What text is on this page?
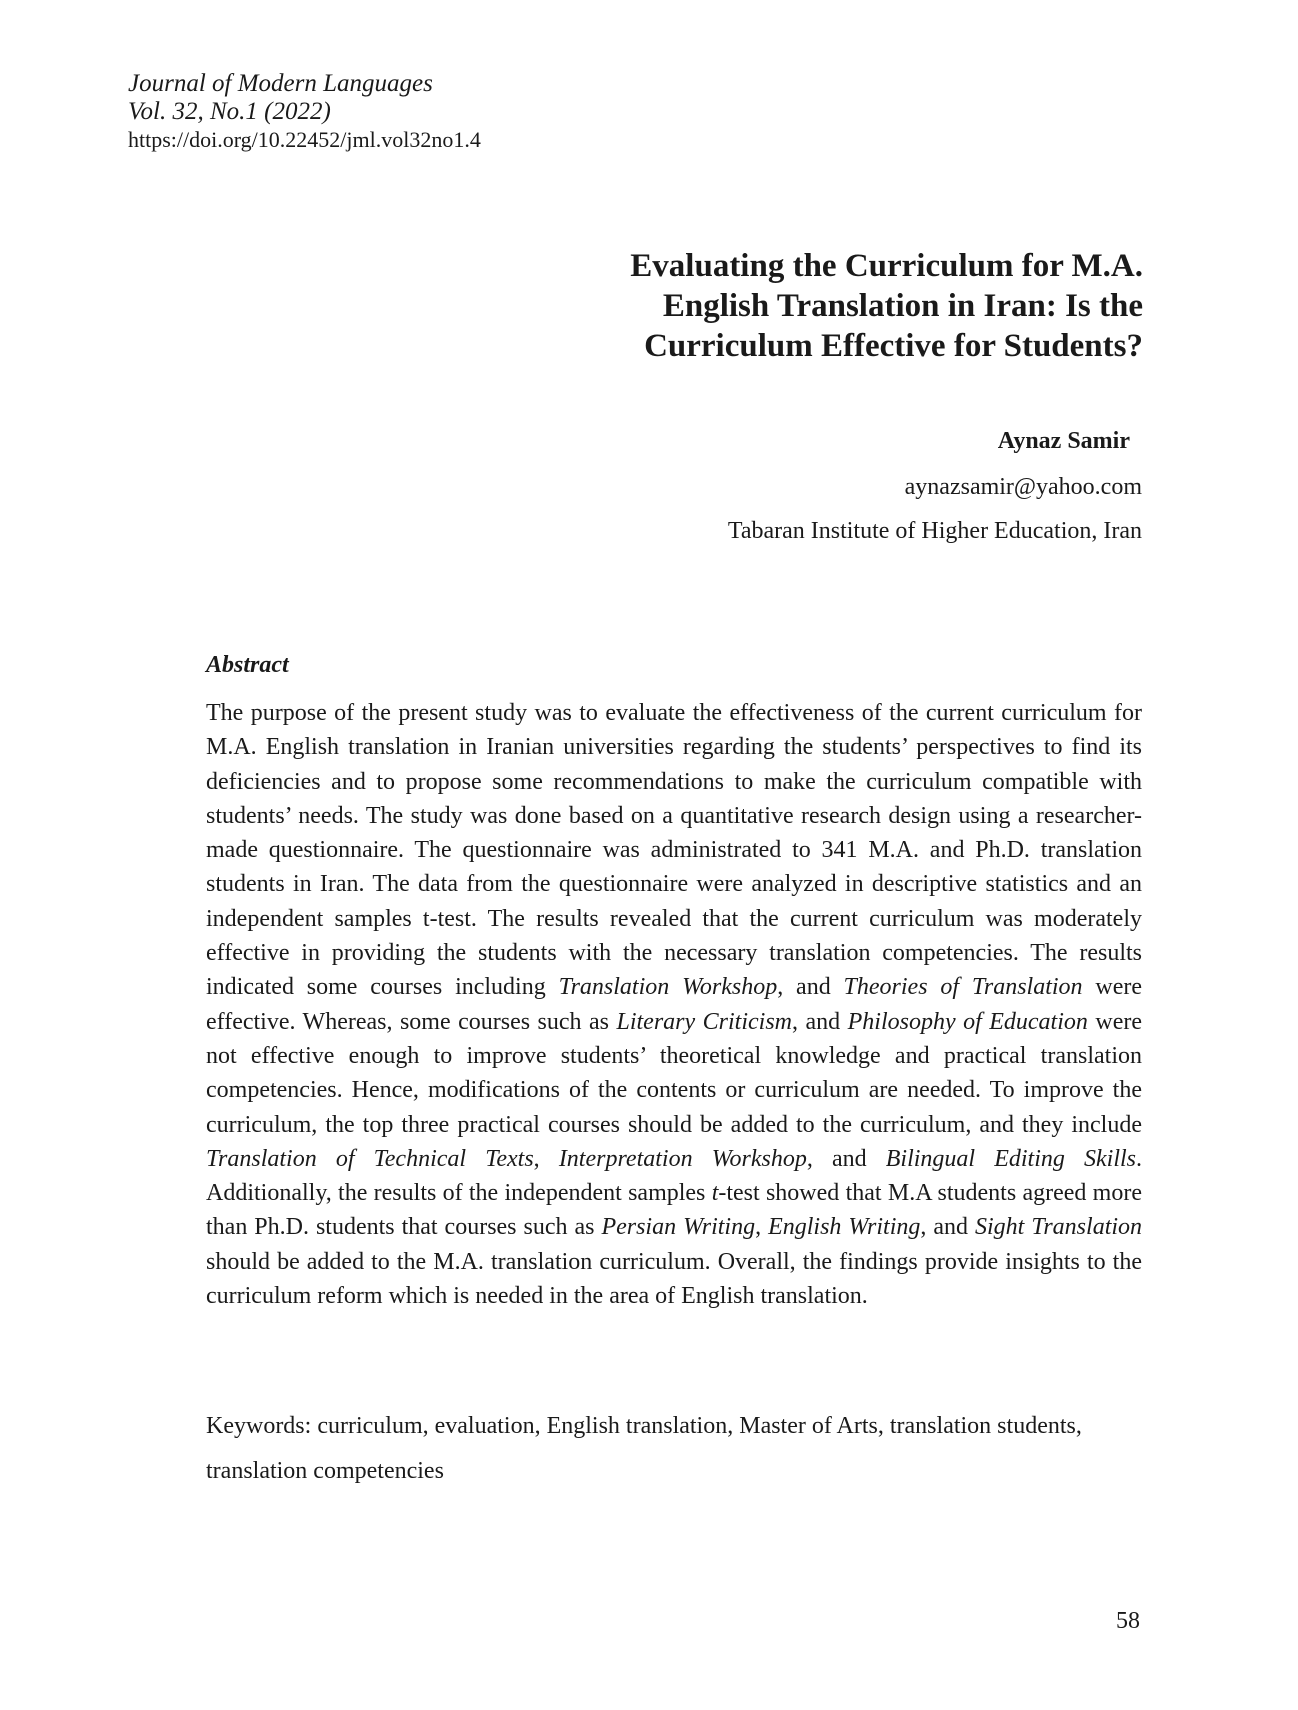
Journal of Modern Languages
Vol. 32, No.1 (2022)
https://doi.org/10.22452/jml.vol32no1.4
Evaluating the Curriculum for M.A.
English Translation in Iran: Is the
Curriculum Effective for Students?
Aynaz Samir
aynazsamir@yahoo.com
Tabaran Institute of Higher Education, Iran
Abstract
The purpose of the present study was to evaluate the effectiveness of the current curriculum for M.A. English translation in Iranian universities regarding the students’ perspectives to find its deficiencies and to propose some recommendations to make the curriculum compatible with students’ needs. The study was done based on a quantitative research design using a researcher-made questionnaire. The questionnaire was administrated to 341 M.A. and Ph.D. translation students in Iran. The data from the questionnaire were analyzed in descriptive statistics and an independent samples t-test. The results revealed that the current curriculum was moderately effective in providing the students with the necessary translation competencies. The results indicated some courses including Translation Workshop, and Theories of Translation were effective. Whereas, some courses such as Literary Criticism, and Philosophy of Education were not effective enough to improve students’ theoretical knowledge and practical translation competencies. Hence, modifications of the contents or curriculum are needed. To improve the curriculum, the top three practical courses should be added to the curriculum, and they include Translation of Technical Texts, Interpretation Workshop, and Bilingual Editing Skills. Additionally, the results of the independent samples t-test showed that M.A students agreed more than Ph.D. students that courses such as Persian Writing, English Writing, and Sight Translation should be added to the M.A. translation curriculum. Overall, the findings provide insights to the curriculum reform which is needed in the area of English translation.
Keywords: curriculum, evaluation, English translation, Master of Arts, translation students, translation competencies
58
